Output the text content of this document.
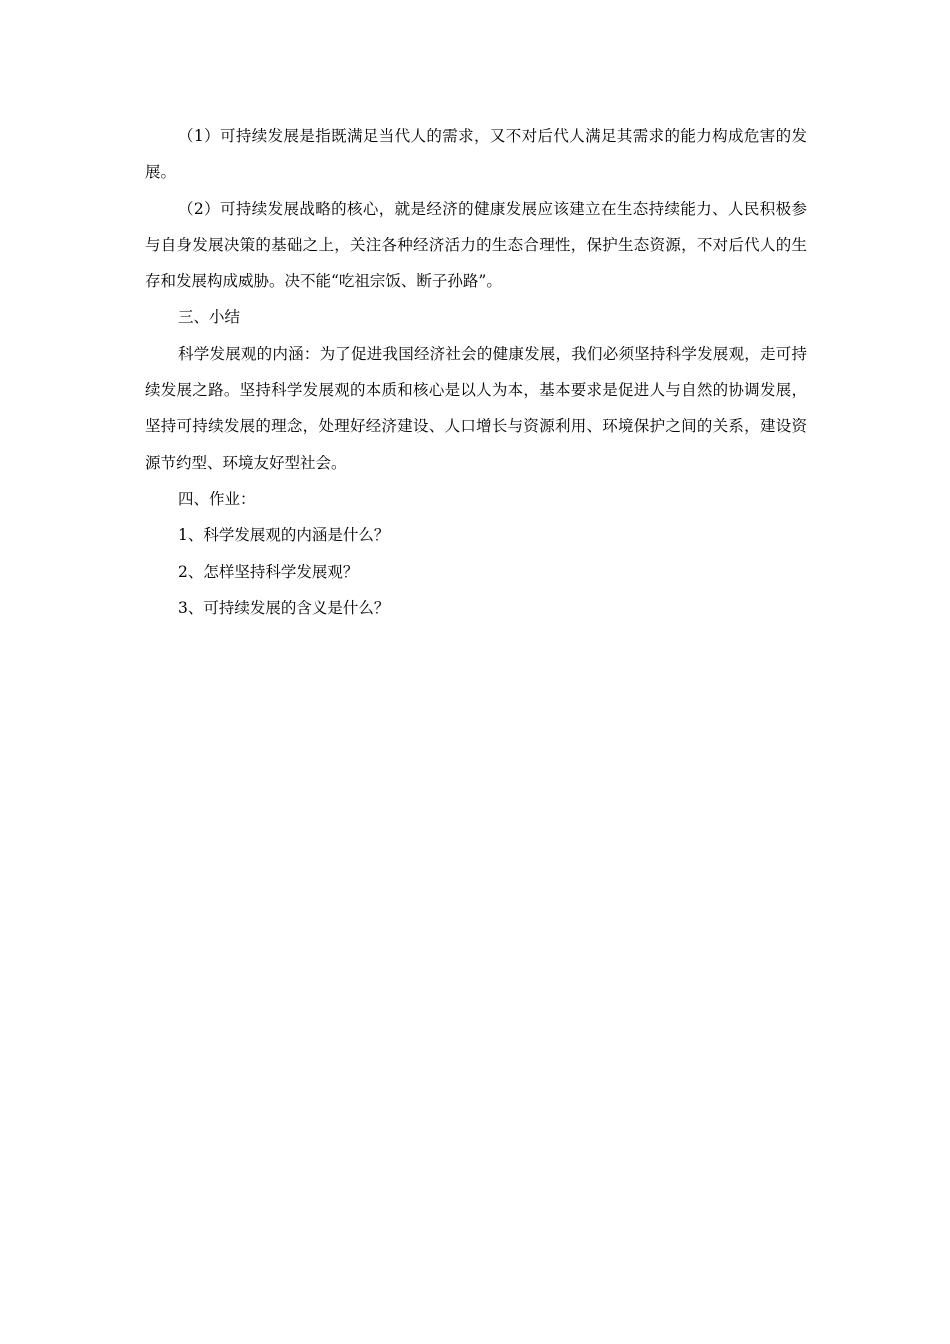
（1）可持续发展是指既满足当代人的需求，又不对后代人满足其需求的能力构成危害的发展。

（2）可持续发展战略的核心，就是经济的健康发展应该建立在生态持续能力、人民积极参与自身发展决策的基础之上，关注各种经济活力的生态合理性，保护生态资源，不对后代人的生存和发展构成威胁。决不能“吃祖宗饭、断子孙路”。

三、小结

科学发展观的内涵：为了促进我国经济社会的健康发展，我们必须坚持科学发展观，走可持续发展之路。坚持科学发展观的本质和核心是以人为本，基本要求是促进人与自然的协调发展，坚持可持续发展的理念，处理好经济建设、人口增长与资源利用、环境保护之间的关系，建设资源节约型、环境友好型社会。

四、作业：

1、科学发展观的内涵是什么？

2、怎样坚持科学发展观？

3、可持续发展的含义是什么？
